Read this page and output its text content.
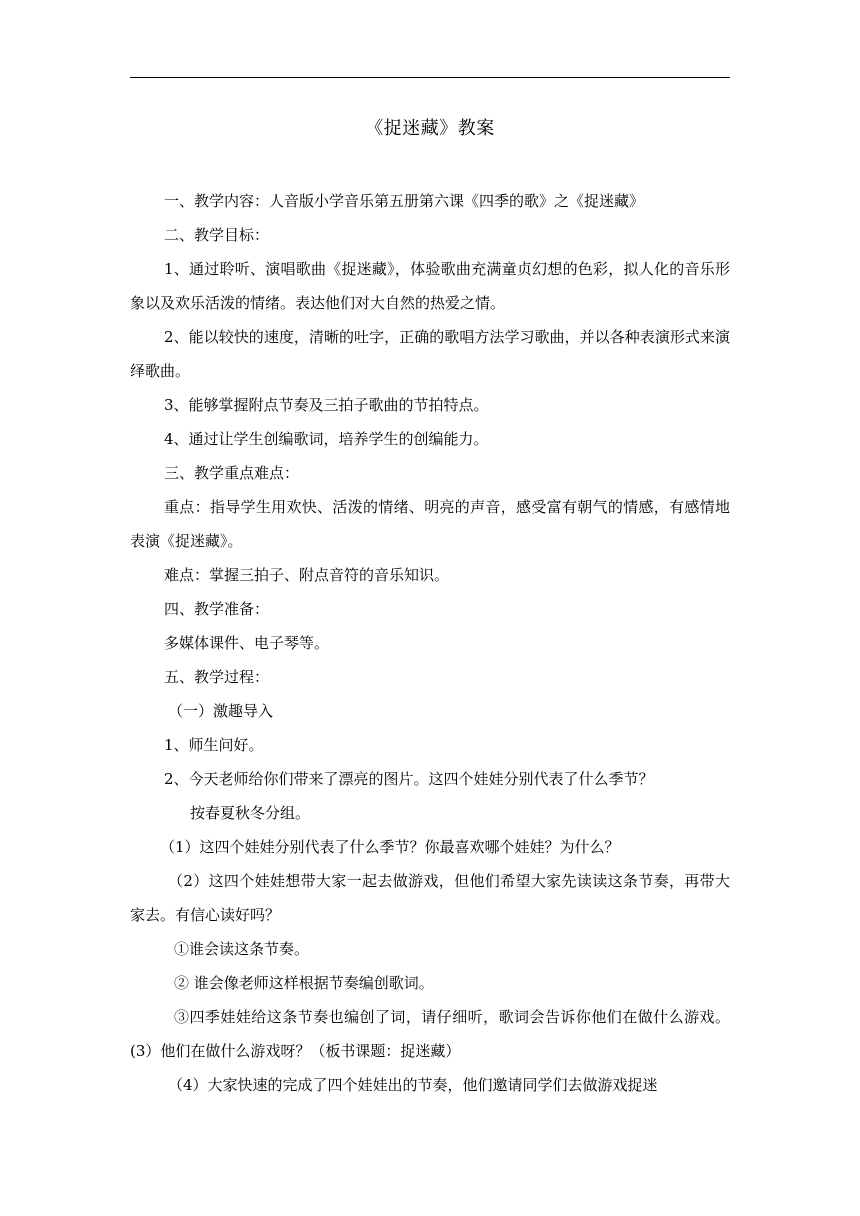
《捉迷藏》教案

一、教学内容：人音版小学音乐第五册第六课《四季的歌》之《捉迷藏》

二、教学目标：

1、通过聆听、演唱歌曲《捉迷藏》，体验歌曲充满童贞幻想的色彩，拟人化的音乐形象以及欢乐活泼的情绪。表达他们对大自然的热爱之情。

2、能以较快的速度，清晰的吐字，正确的歌唱方法学习歌曲，并以各种表演形式来演绎歌曲。

3、能够掌握附点节奏及三拍子歌曲的节拍特点。

4、通过让学生创编歌词，培养学生的创编能力。

三、教学重点难点：

重点：指导学生用欢快、活泼的情绪、明亮的声音，感受富有朝气的情感，有感情地表演《捉迷藏》。

难点：掌握三拍子、附点音符的音乐知识。

四、教学准备：

多媒体课件、电子琴等。

五、教学过程：

（一）激趣导入

1、师生问好。

2、今天老师给你们带来了漂亮的图片。这四个娃娃分别代表了什么季节？

按春夏秋冬分组。

（1）这四个娃娃分别代表了什么季节？你最喜欢哪个娃娃？为什么？

（2）这四个娃娃想带大家一起去做游戏，但他们希望大家先读读这条节奏，再带大家去。有信心读好吗？

①谁会读这条节奏。

② 谁会像老师这样根据节奏编创歌词。

③四季娃娃给这条节奏也编创了词，请仔细听，歌词会告诉你他们在做什么游戏。(3）他们在做什么游戏呀？（板书课题：捉迷藏）

（4）大家快速的完成了四个娃娃出的节奏，他们邀请同学们去做游戏捉迷
